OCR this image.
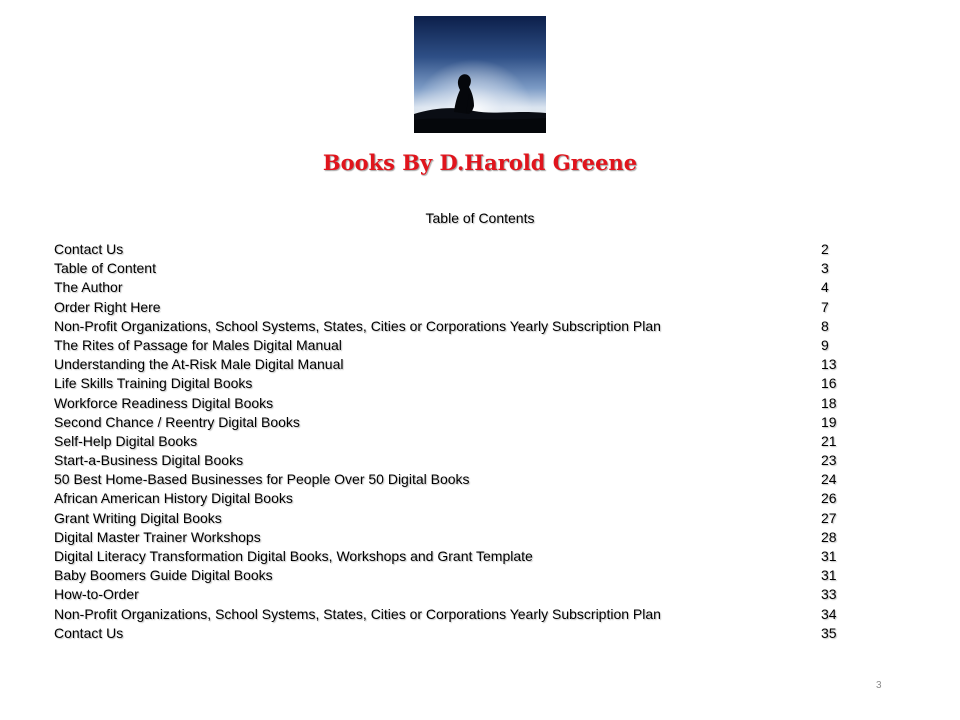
Books By D.Harold Greene
Table of Contents
Contact Us	2
Table of Content	3
The Author	4
Order Right Here	7
Non-Profit Organizations, School Systems, States, Cities or Corporations Yearly Subscription Plan	8
The Rites of Passage for Males Digital Manual	9
Understanding the At-Risk Male Digital Manual	13
Life Skills Training Digital Books	16
Workforce Readiness Digital Books	18
Second Chance / Reentry Digital Books	19
Self-Help Digital Books	21
Start-a-Business Digital Books	23
50 Best Home-Based Businesses for People Over 50 Digital Books	24
African American History Digital Books	26
Grant Writing Digital Books	27
Digital Master Trainer Workshops	28
Digital Literacy Transformation Digital Books, Workshops and Grant Template	31
Baby Boomers Guide Digital Books	31
How-to-Order	33
Non-Profit Organizations, School Systems, States, Cities or Corporations Yearly Subscription Plan	34
Contact Us	35
3
